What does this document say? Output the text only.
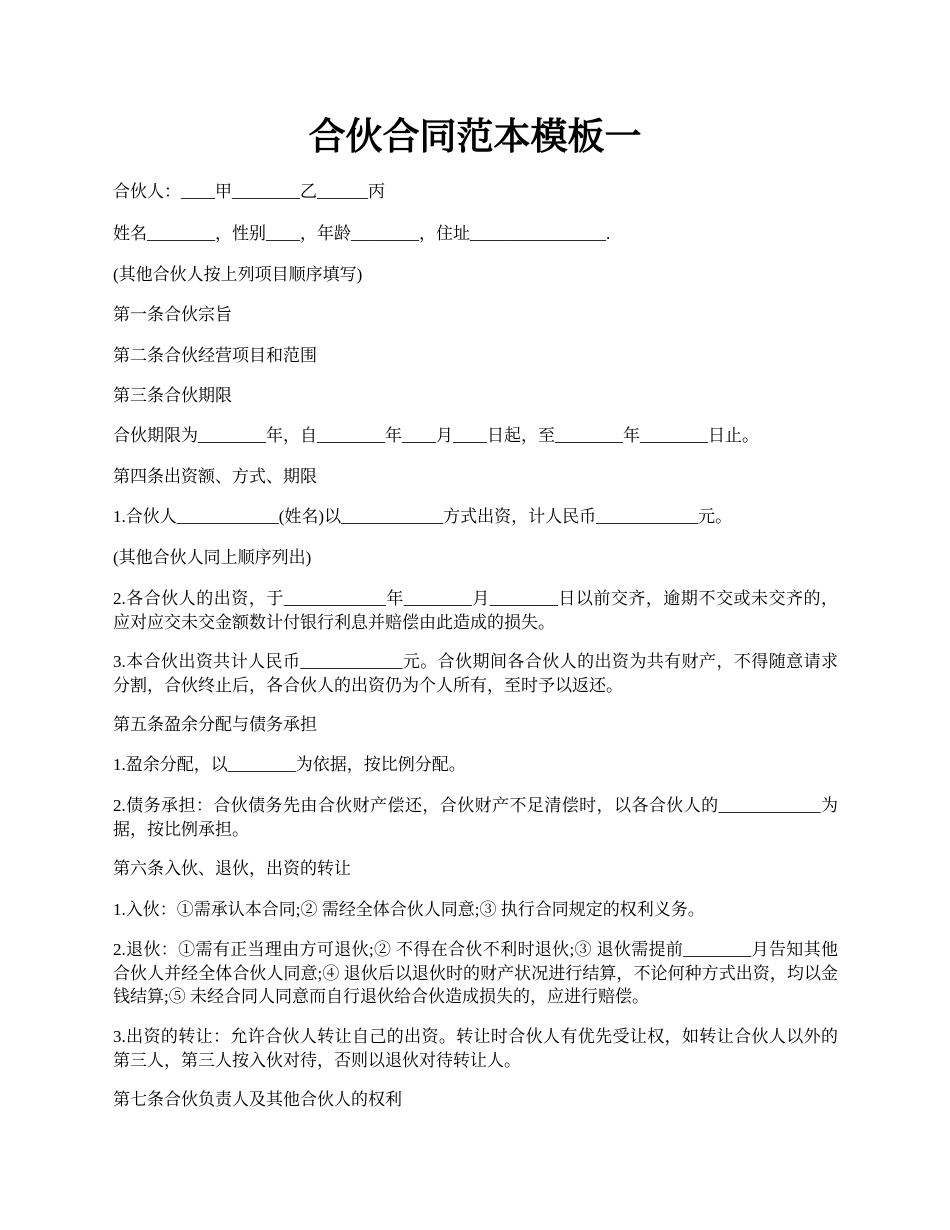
合伙合同范本模板一

合伙人：____甲________乙______丙

姓名________，性别____，年龄________，住址________________.

(其他合伙人按上列项目顺序填写)

第一条合伙宗旨

第二条合伙经营项目和范围

第三条合伙期限

合伙期限为________年，自________年____月____日起，至________年________日止。

第四条出资额、方式、期限

1.合伙人____________(姓名)以____________方式出资，计人民币____________元。

(其他合伙人同上顺序列出)

2.各合伙人的出资，于____________年________月________日以前交齐，逾期不交或未交齐的，应对应交未交金额数计付银行利息并赔偿由此造成的损失。

3.本合伙出资共计人民币____________元。合伙期间各合伙人的出资为共有财产，不得随意请求分割，合伙终止后，各合伙人的出资仍为个人所有，至时予以返还。

第五条盈余分配与债务承担

1.盈余分配，以________为依据，按比例分配。

2.债务承担：合伙债务先由合伙财产偿还，合伙财产不足清偿时，以各合伙人的____________为据，按比例承担。

第六条入伙、退伙，出资的转让

1.入伙：①需承认本合同;② 需经全体合伙人同意;③ 执行合同规定的权利义务。

2.退伙：①需有正当理由方可退伙;② 不得在合伙不利时退伙;③ 退伙需提前________月告知其他合伙人并经全体合伙人同意;④ 退伙后以退伙时的财产状况进行结算，不论何种方式出资，均以金钱结算;⑤ 未经合同人同意而自行退伙给合伙造成损失的，应进行赔偿。

3.出资的转让：允许合伙人转让自己的出资。转让时合伙人有优先受让权，如转让合伙人以外的第三人，第三人按入伙对待，否则以退伙对待转让人。

第七条合伙负责人及其他合伙人的权利
